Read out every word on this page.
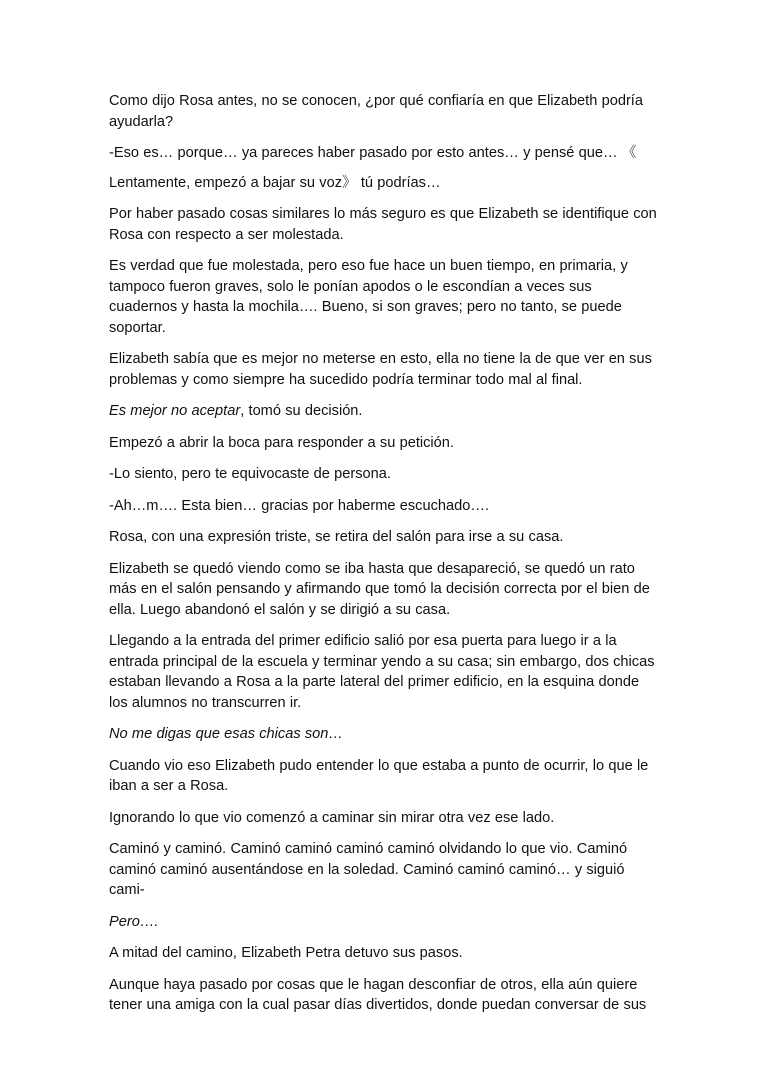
Como dijo Rosa antes, no se conocen, ¿por qué confiaría en que Elizabeth podría ayudarla?

-Eso es… porque… ya pareces haber pasado por esto antes… y pensé que… 《

Lentamente, empezó a bajar su voz》 tú podrías…

Por haber pasado cosas similares lo más seguro es que Elizabeth se identifique con Rosa con respecto a ser molestada.

Es verdad que fue molestada, pero eso fue hace un buen tiempo, en primaria, y tampoco fueron graves, solo le ponían apodos o le escondían a veces sus cuadernos y hasta la mochila…. Bueno, si son graves; pero no tanto, se puede soportar.

Elizabeth sabía que es mejor no meterse en esto, ella no tiene la de que ver en sus problemas y como siempre ha sucedido podría terminar todo mal al final.

Es mejor no aceptar, tomó su decisión.

Empezó a abrir la boca para responder a su petición.

-Lo siento, pero te equivocaste de persona.

-Ah…m…. Esta bien… gracias por haberme escuchado….

Rosa, con una expresión triste, se retira del salón para irse a su casa.

Elizabeth se quedó viendo como se iba hasta que desapareció, se quedó un rato más en el salón pensando y afirmando que tomó la decisión correcta por el bien de ella. Luego abandonó el salón y se dirigió a su casa.

Llegando a la entrada del primer edificio salió por esa puerta para luego ir a la entrada principal de la escuela y terminar yendo a su casa; sin embargo, dos chicas estaban llevando a Rosa a la parte lateral del primer edificio, en la esquina donde los alumnos no transcurren ir.

No me digas que esas chicas son…

Cuando vio eso Elizabeth pudo entender lo que estaba a punto de ocurrir, lo que le iban a ser a Rosa.

Ignorando lo que vio comenzó a caminar sin mirar otra vez ese lado.

Caminó y caminó. Caminó caminó caminó caminó olvidando lo que vio. Caminó caminó caminó ausentándose en la soledad. Caminó caminó caminó… y siguió cami-

Pero….

A mitad del camino, Elizabeth Petra detuvo sus pasos.

Aunque haya pasado por cosas que le hagan desconfiar de otros, ella aún quiere tener una amiga con la cual pasar días divertidos, donde puedan conversar de sus
